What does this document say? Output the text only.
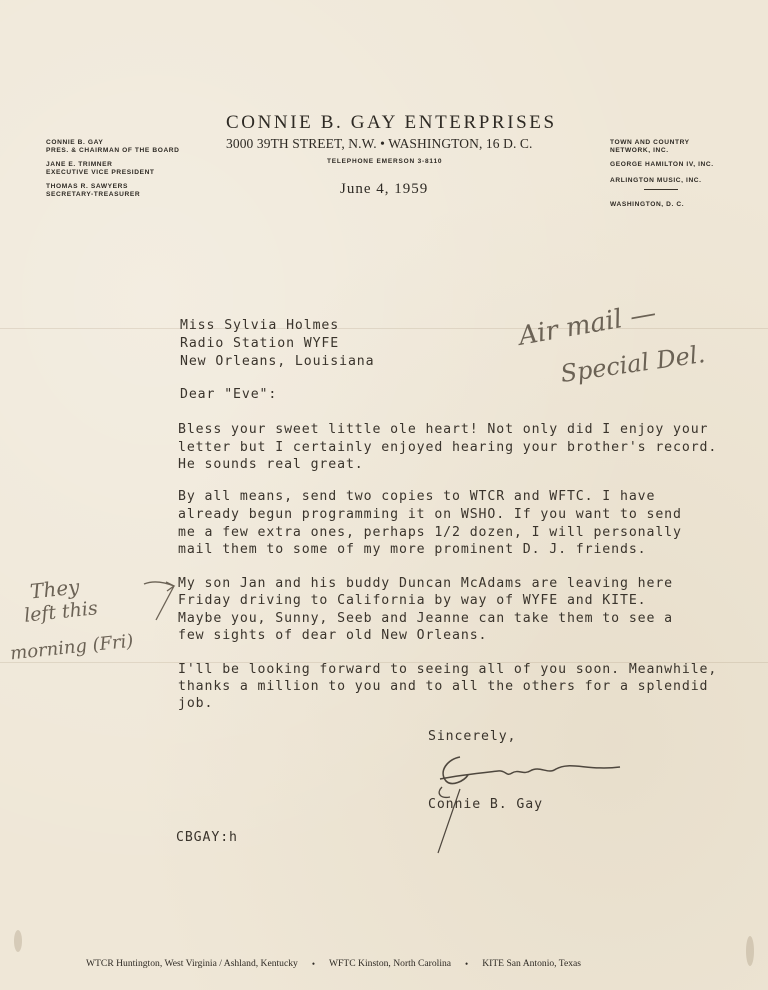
CONNIE B. GAY
PRES. & CHAIRMAN OF THE BOARD
JANE E. TRIMNER
EXECUTIVE VICE PRESIDENT
THOMAS R. SAWYERS
SECRETARY-TREASURER
CONNIE B. GAY ENTERPRISES
3000 39TH STREET, N.W. • WASHINGTON, 16 D. C.
TELEPHONE EMERSON 3-8110
June 4, 1959
TOWN AND COUNTRY
NETWORK, INC.
GEORGE HAMILTON IV, INC.
ARLINGTON MUSIC, INC.
WASHINGTON, D. C.
Miss Sylvia Holmes
Radio Station WYFE
New Orleans, Louisiana
Air mail —
Special Del.
Dear "Eve":
Bless your sweet little ole heart! Not only did I enjoy your
letter but I certainly enjoyed hearing your brother's record.
He sounds real great.
By all means, send two copies to WTCR and WFTC. I have
already begun programming it on WSHO. If you want to send
me a few extra ones, perhaps 1/2 dozen, I will personally
mail them to some of my more prominent D. J. friends.
My son Jan and his buddy Duncan McAdams are leaving here
Friday driving to California by way of WYFE and KITE.
Maybe you, Sunny, Seeb and Jeanne can take them to see a
few sights of dear old New Orleans.
They
left this
morning (Fri)
I'll be looking forward to seeing all of you soon. Meanwhile,
thanks a million to you and to all the others for a splendid
job.
Sincerely,
Connie B. Gay
CBGAY:h
WTCR Huntington, West Virginia / Ashland, Kentucky • WFTC Kinston, North Carolina • KITE San Antonio, Texas
